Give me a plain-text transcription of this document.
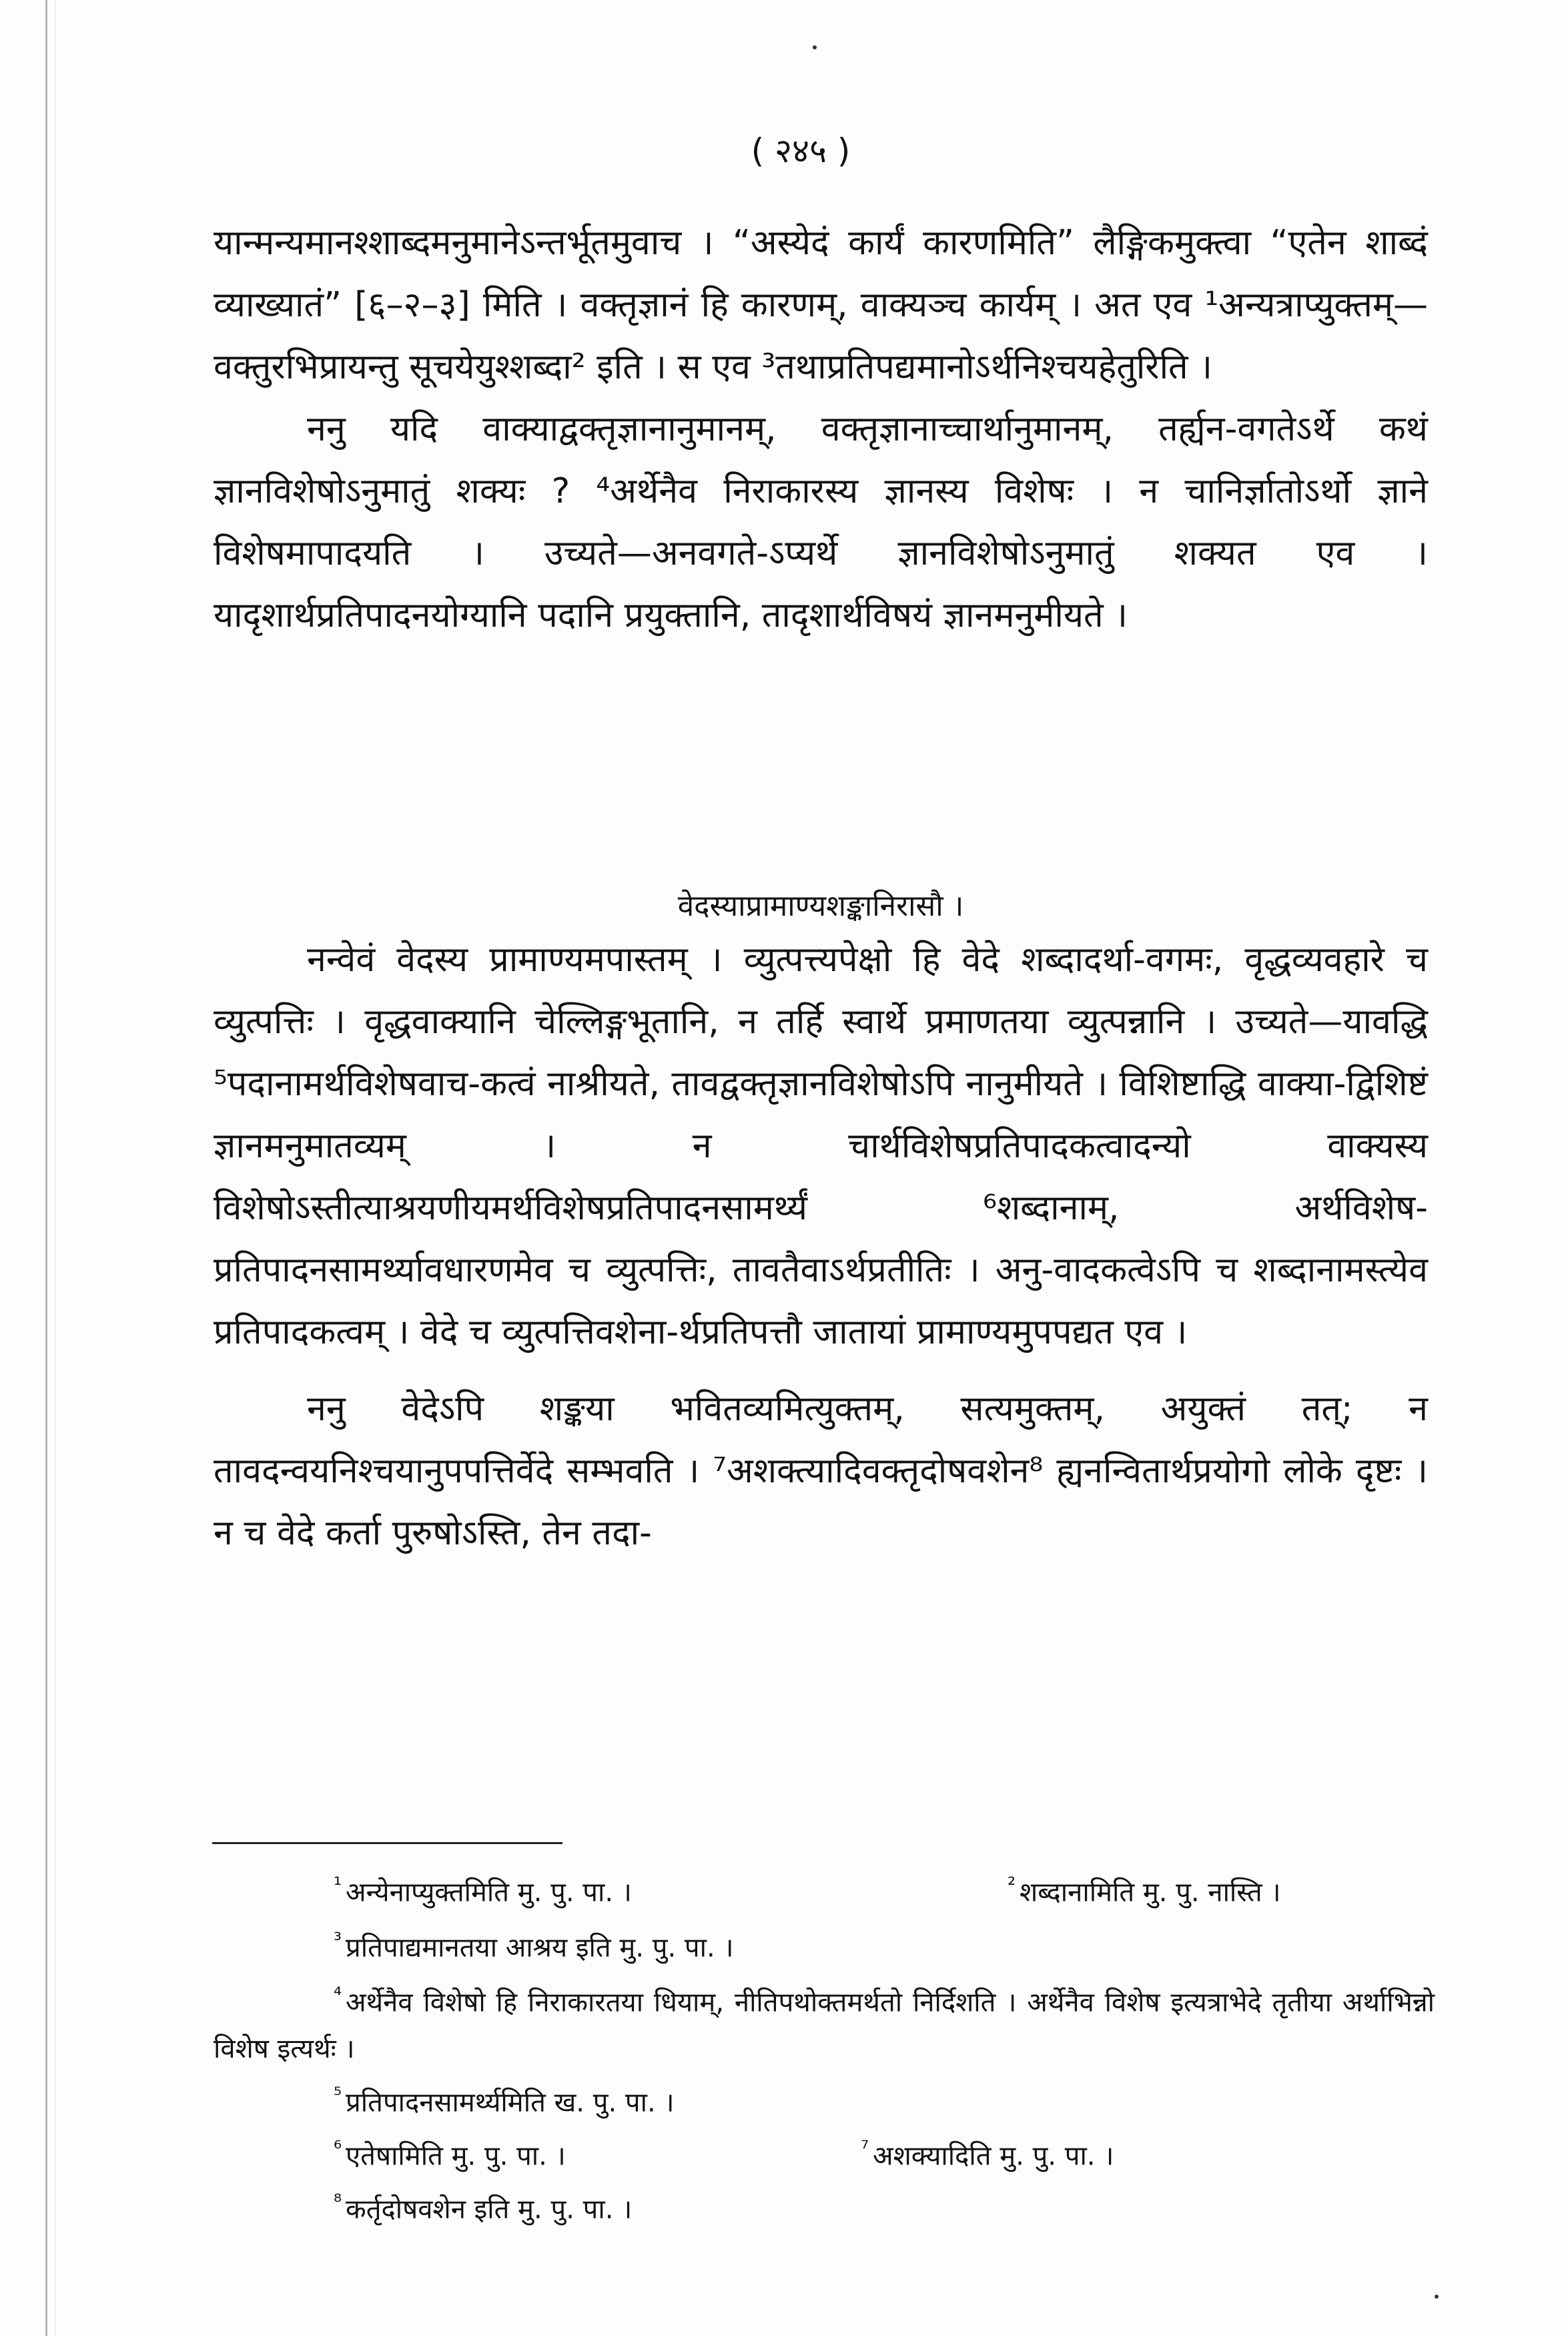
( २४५ )

यान्मन्यमानश्शाब्दमनुमानेऽन्तर्भूतमुवाच । “अस्येदं कार्यं कारणमिति” लैङ्गिकमुक्त्वा “एतेन शाब्दं व्याख्यातं” [६–२–३] मिति । वक्तृज्ञानं हि कारणम्, वाक्यञ्च कार्यम् । अत एव ¹अन्यत्राप्युक्तम्—वक्तुरभिप्रायन्तु सूचयेयुश्शब्दा² इति । स एव ³तथाप्रतिपद्यमानोऽर्थनिश्चयहेतुरिति ।

ननु यदि वाक्याद्वक्तृज्ञानानुमानम्, वक्तृज्ञानाच्चार्थानुमानम्, तर्ह्यन-वगतेऽर्थे कथं ज्ञानविशेषोऽनुमातुं शक्यः ? ⁴अर्थेनैव निराकारस्य ज्ञानस्य विशेषः । न चानिर्ज्ञातोऽर्थो ज्ञाने विशेषमापादयति । उच्यते—अनवगते-ऽप्यर्थे ज्ञानविशेषोऽनुमातुं शक्यत एव । यादृशार्थप्रतिपादनयोग्यानि पदानि प्रयुक्तानि, तादृशार्थविषयं ज्ञानमनुमीयते ।

वेदस्याप्रामाण्यशङ्कानिरासौ ।

नन्वेवं वेदस्य प्रामाण्यमपास्तम् । व्युत्पत्त्यपेक्षो हि वेदे शब्दादर्था-वगमः, वृद्धव्यवहारे च व्युत्पत्तिः । वृद्धवाक्यानि चेल्लिङ्गभूतानि, न तर्हि स्वार्थे प्रमाणतया व्युत्पन्नानि । उच्यते—यावद्धि ⁵पदानामर्थविशेषवाच-कत्वं नाश्रीयते, तावद्वक्तृज्ञानविशेषोऽपि नानुमीयते । विशिष्टाद्धि वाक्या-द्विशिष्टं ज्ञानमनुमातव्यम् । न चार्थविशेषप्रतिपादकत्वादन्यो वाक्यस्य विशेषोऽस्तीत्याश्रयणीयमर्थविशेषप्रतिपादनसामर्थ्यं ⁶शब्दानाम्, अर्थविशेष-प्रतिपादनसामर्थ्यावधारणमेव च व्युत्पत्तिः, तावतैवाऽर्थप्रतीतिः । अनु-वादकत्वेऽपि च शब्दानामस्त्येव प्रतिपादकत्वम् । वेदे च व्युत्पत्तिवशेना-र्थप्रतिपत्तौ जातायां प्रामाण्यमुपपद्यत एव ।

ननु वेदेऽपि शङ्कया भवितव्यमित्युक्तम्, सत्यमुक्तम्, अयुक्तं तत्; न तावदन्वयनिश्चयानुपपत्तिर्वेदे सम्भवति । ⁷अशक्त्यादिवक्तृदोषवशेन⁸ ह्यनन्वितार्थप्रयोगो लोके दृष्टः । न च वेदे कर्ता पुरुषोऽस्ति, तेन तदा-

$^{^1}$ अन्येनाप्युक्तमिति मु. पु. पा. ।	$^{^2}$ शब्दानामिति मु. पु. नास्ति ।
$^{^3}$ प्रतिपाद्यमानतया आश्रय इति मु. पु. पा. ।

$^{^4}$ अर्थेनैव विशेषो हि निराकारतया धियाम्, नीतिपथोक्तमर्थतो निर्दिशति । अर्थेनैव विशेष इत्यत्राभेदे तृतीया अर्थाभिन्नो विशेष इत्यर्थः ।

$^{^5}$ प्रतिपादनसामर्थ्यमिति ख. पु. पा. ।
$^{^6}$ एतेषामिति मु. पु. पा. ।	$^{^7}$ अशक्यादिति मु. पु. पा. ।
$^{^8}$ कर्तृदोषवशेन इति मु. पु. पा. ।
